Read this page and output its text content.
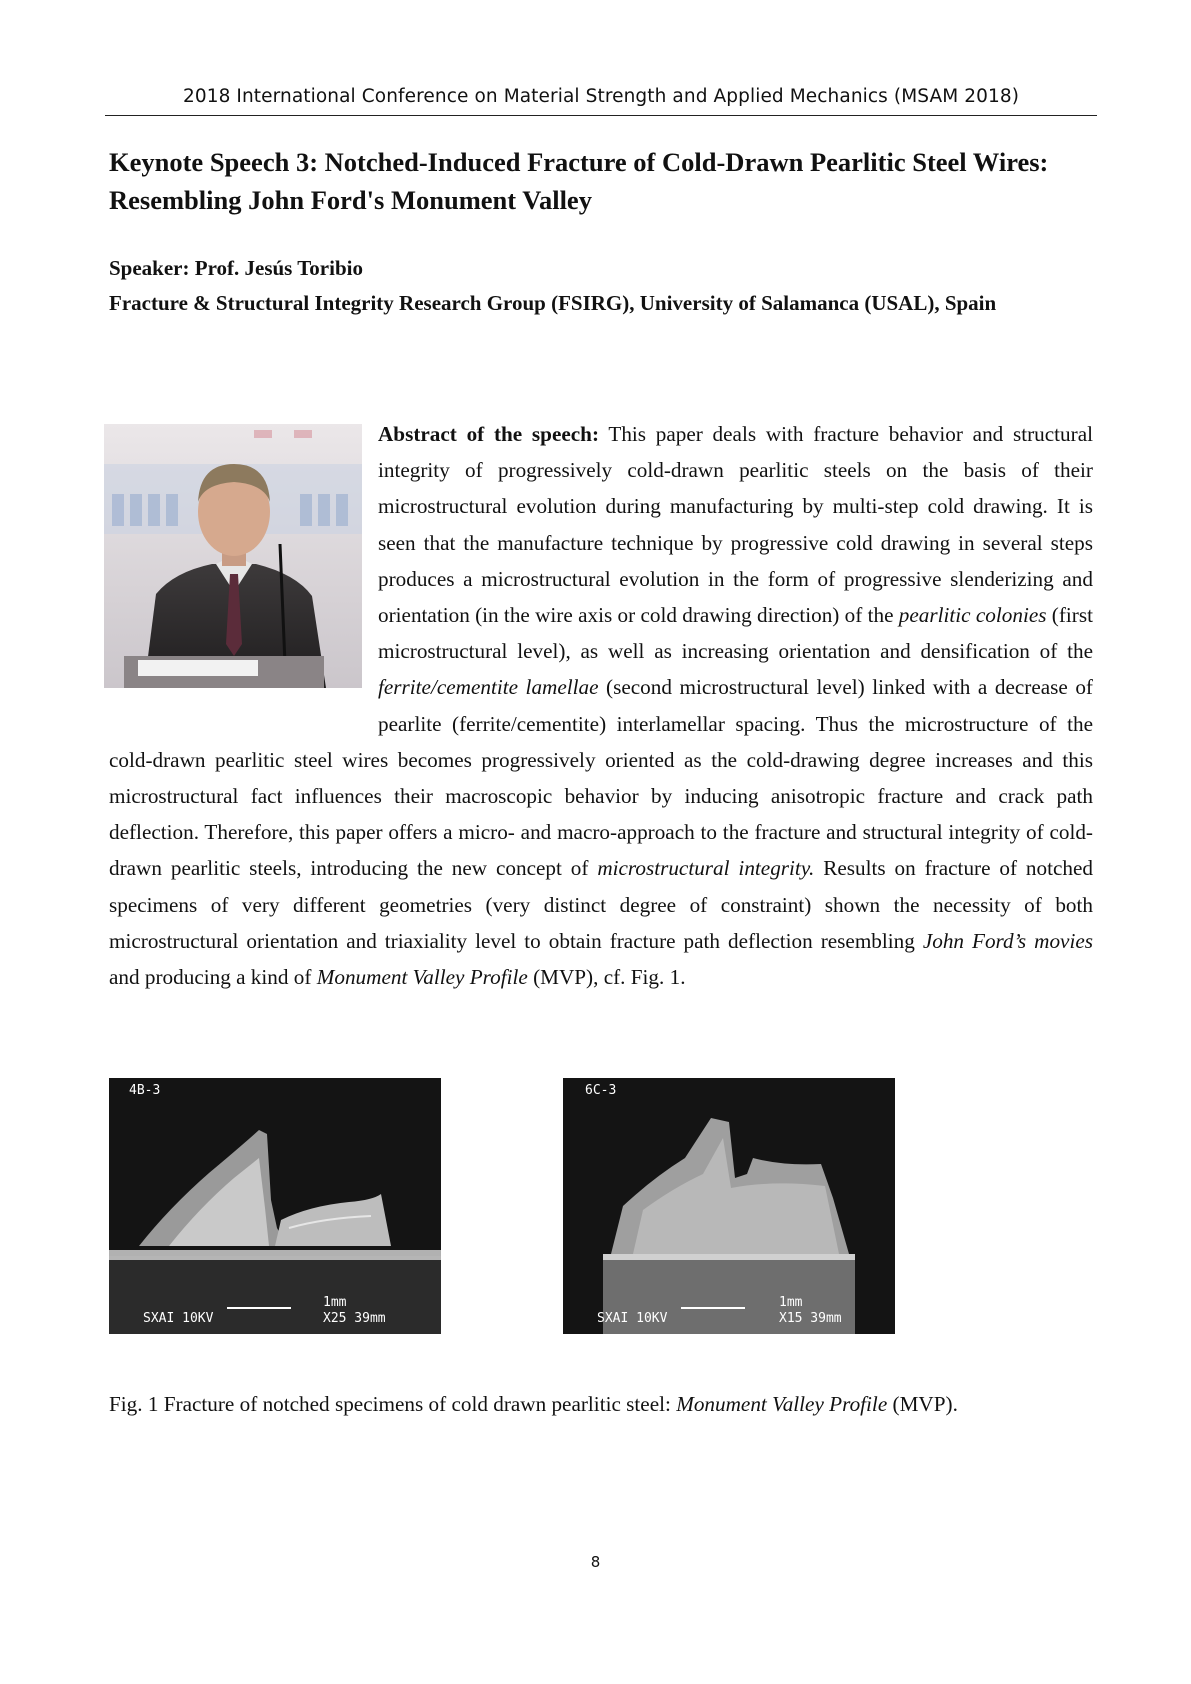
2018 International Conference on Material Strength and Applied Mechanics (MSAM 2018)
Keynote Speech 3: Notched-Induced Fracture of Cold-Drawn Pearlitic Steel Wires:
Resembling John Ford's Monument Valley

Speaker: Prof. Jesús Toribio

Fracture & Structural Integrity Research Group (FSIRG), University of Salamanca (USAL), Spain

Abstract of the speech: This paper deals with fracture behavior and structural integrity of progressively cold-drawn pearlitic steels on the basis of their microstructural evolution during manufacturing by multi-step cold drawing. It is seen that the manufacture technique by progressive cold drawing in several steps produces a microstructural evolution in the form of progressive slenderizing and orientation (in the wire axis or cold drawing direction) of the pearlitic colonies (first microstructural level), as well as increasing orientation and densification of the ferrite/cementite lamellae (second microstructural level) linked with a decrease of pearlite (ferrite/cementite) interlamellar spacing. Thus the microstructure of the cold-drawn pearlitic steel wires becomes progressively oriented as the cold-drawing degree increases and this microstructural fact influences their macroscopic behavior by inducing anisotropic fracture and crack path deflection. Therefore, this paper offers a micro- and macro-approach to the fracture and structural integrity of cold-drawn pearlitic steels, introducing the new concept of microstructural integrity. Results on fracture of notched specimens of very different geometries (very distinct degree of constraint) shown the necessity of both microstructural orientation and triaxiality level to obtain fracture path deflection resembling John Ford’s movies and producing a kind of Monument Valley Profile (MVP), cf. Fig. 1.

4B-3
SXAI 10KV
1mm
X25 39mm
6C-3
SXAI 10KV
1mm
X15 39mm

Fig. 1 Fracture of notched specimens of cold drawn pearlitic steel: Monument Valley Profile (MVP).

8
